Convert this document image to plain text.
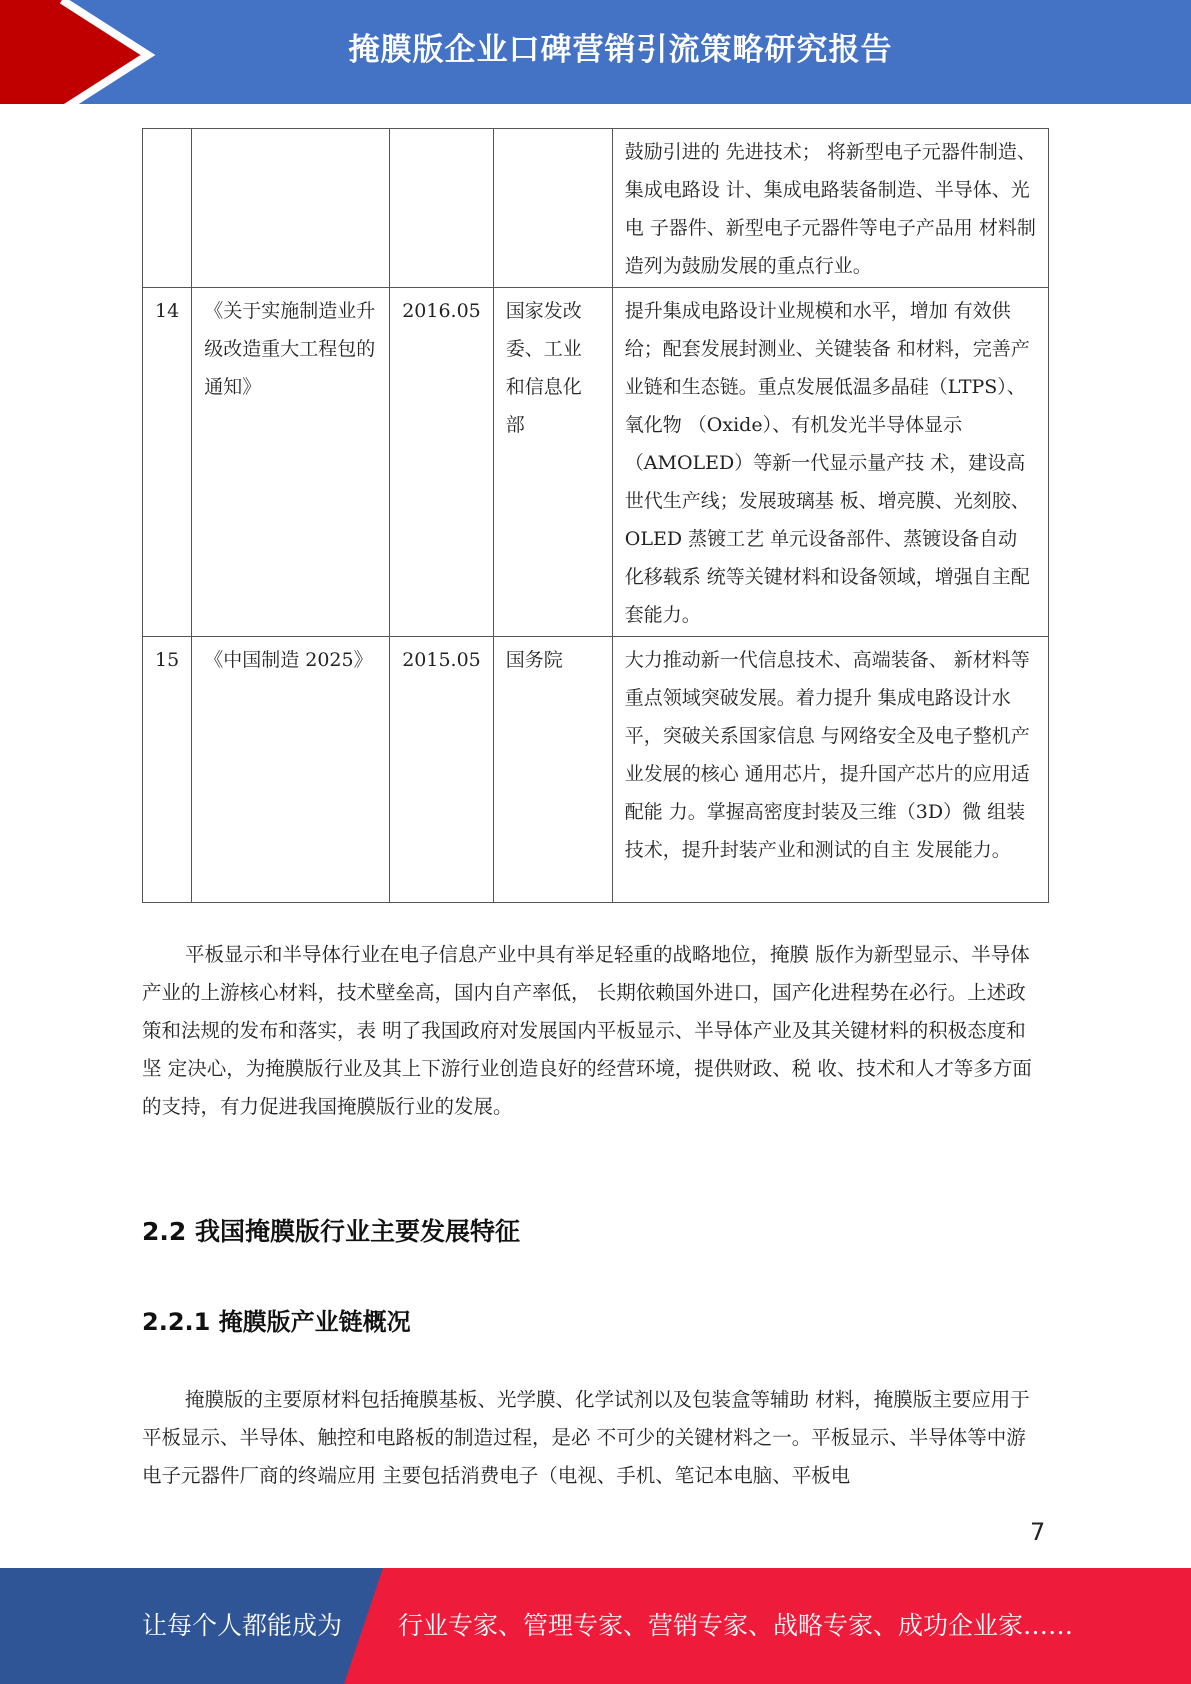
掩膜版企业口碑营销引流策略研究报告
				鼓励引进的 先进技术； 将新型电子元器件制造、集成电路设 计、集成电路装备制造、半导体、光电 子器件、新型电子元器件等电子产品用 材料制造列为鼓励发展的重点行业。
14	《关于实施制造业升级改造重大工程包的通知》	2016.05	国家发改委、工业和信息化部	提升集成电路设计业规模和水平，增加 有效供给；配套发展封测业、关键装备 和材料，完善产业链和生态链。重点发展低温多晶硅（LTPS）、氧化物 （Oxide）、有机发光半导体显示 （AMOLED）等新一代显示量产技 术，建设高世代生产线；发展玻璃基 板、增亮膜、光刻胶、OLED 蒸镀工艺 单元设备部件、蒸镀设备自动化移载系 统等关键材料和设备领域，增强自主配 套能力。
15	《中国制造 2025》	2015.05	国务院	大力推动新一代信息技术、高端装备、 新材料等重点领域突破发展。着力提升 集成电路设计水平，突破关系国家信息 与网络安全及电子整机产业发展的核心 通用芯片，提升国产芯片的应用适配能 力。掌握高密度封装及三维（3D）微 组装技术，提升封装产业和测试的自主 发展能力。

平板显示和半导体行业在电子信息产业中具有举足轻重的战略地位，掩膜 版作为新型显示、半导体产业的上游核心材料，技术壁垒高，国内自产率低， 长期依赖国外进口，国产化进程势在必行。上述政策和法规的发布和落实，表 明了我国政府对发展国内平板显示、半导体产业及其关键材料的积极态度和坚 定决心，为掩膜版行业及其上下游行业创造良好的经营环境，提供财政、税 收、技术和人才等多方面的支持，有力促进我国掩膜版行业的发展。

2.2 我国掩膜版行业主要发展特征
2.2.1 掩膜版产业链概况

掩膜版的主要原材料包括掩膜基板、光学膜、化学试剂以及包装盒等辅助 材料，掩膜版主要应用于平板显示、半导体、触控和电路板的制造过程，是必 不可少的关键材料之一。平板显示、半导体等中游电子元器件厂商的终端应用 主要包括消费电子（电视、手机、笔记本电脑、平板电

7
让每个人都能成为 行业专家、管理专家、营销专家、战略专家、成功企业家……
